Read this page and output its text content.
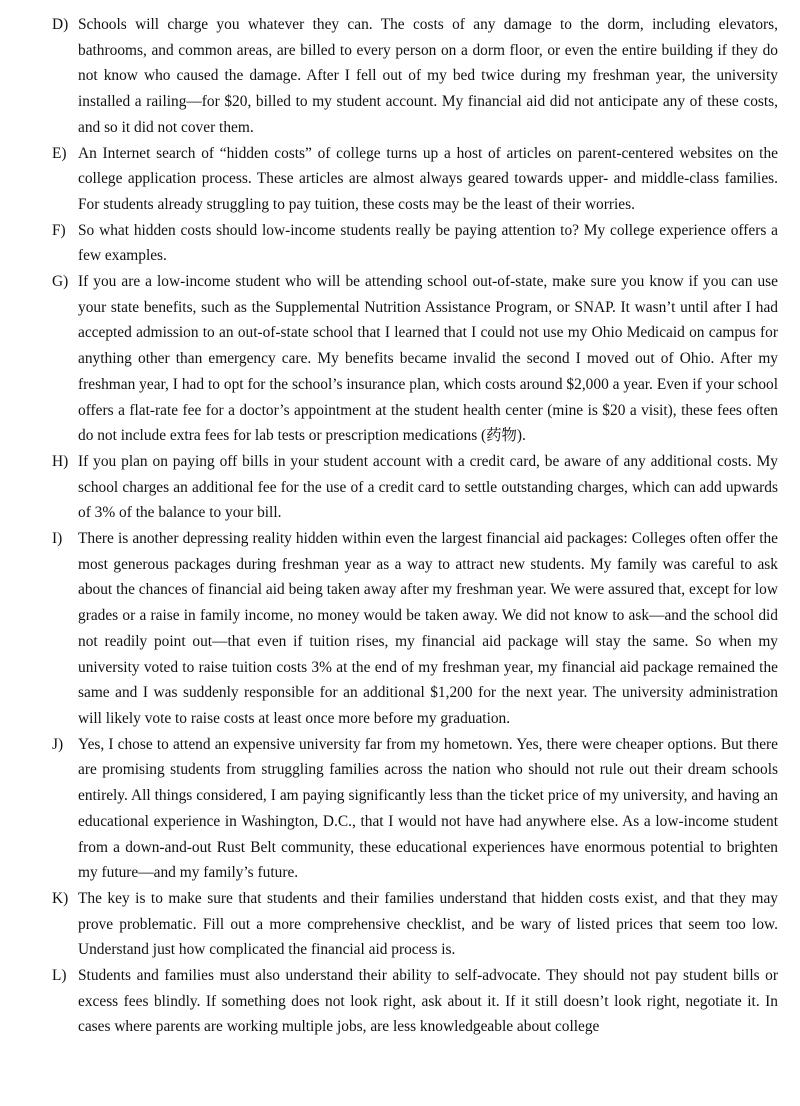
D) Schools will charge you whatever they can. The costs of any damage to the dorm, including elevators, bathrooms, and common areas, are billed to every person on a dorm floor, or even the entire building if they do not know who caused the damage. After I fell out of my bed twice during my freshman year, the university installed a railing—for $20, billed to my student account. My financial aid did not anticipate any of these costs, and so it did not cover them.
E) An Internet search of “hidden costs” of college turns up a host of articles on parent-centered websites on the college application process. These articles are almost always geared towards upper- and middle-class families. For students already struggling to pay tuition, these costs may be the least of their worries.
F) So what hidden costs should low-income students really be paying attention to? My college experience offers a few examples.
G) If you are a low-income student who will be attending school out-of-state, make sure you know if you can use your state benefits, such as the Supplemental Nutrition Assistance Program, or SNAP. It wasn’t until after I had accepted admission to an out-of-state school that I learned that I could not use my Ohio Medicaid on campus for anything other than emergency care. My benefits became invalid the second I moved out of Ohio. After my freshman year, I had to opt for the school’s insurance plan, which costs around $2,000 a year. Even if your school offers a flat-rate fee for a doctor’s appointment at the student health center (mine is $20 a visit), these fees often do not include extra fees for lab tests or prescription medications (药物).
H) If you plan on paying off bills in your student account with a credit card, be aware of any additional costs. My school charges an additional fee for the use of a credit card to settle outstanding charges, which can add upwards of 3% of the balance to your bill.
I) There is another depressing reality hidden within even the largest financial aid packages: Colleges often offer the most generous packages during freshman year as a way to attract new students. My family was careful to ask about the chances of financial aid being taken away after my freshman year. We were assured that, except for low grades or a raise in family income, no money would be taken away. We did not know to ask—and the school did not readily point out—that even if tuition rises, my financial aid package will stay the same. So when my university voted to raise tuition costs 3% at the end of my freshman year, my financial aid package remained the same and I was suddenly responsible for an additional $1,200 for the next year. The university administration will likely vote to raise costs at least once more before my graduation.
J) Yes, I chose to attend an expensive university far from my hometown. Yes, there were cheaper options. But there are promising students from struggling families across the nation who should not rule out their dream schools entirely. All things considered, I am paying significantly less than the ticket price of my university, and having an educational experience in Washington, D.C., that I would not have had anywhere else. As a low-income student from a down-and-out Rust Belt community, these educational experiences have enormous potential to brighten my future—and my family’s future.
K) The key is to make sure that students and their families understand that hidden costs exist, and that they may prove problematic. Fill out a more comprehensive checklist, and be wary of listed prices that seem too low. Understand just how complicated the financial aid process is.
L) Students and families must also understand their ability to self-advocate. They should not pay student bills or excess fees blindly. If something does not look right, ask about it. If it still doesn’t look right, negotiate it. In cases where parents are working multiple jobs, are less knowledgeable about college
